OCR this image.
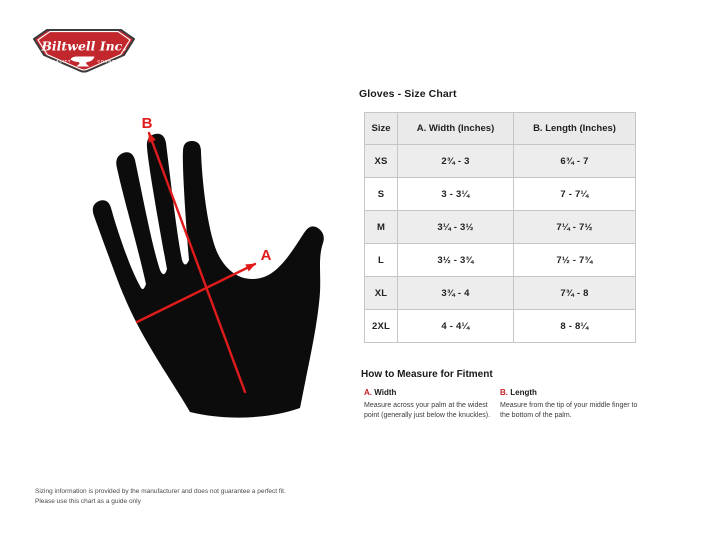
Biltwell Inc.
QUALITY	COUNTS
B
A
Gloves - Size Chart
Size	A. Width (Inches)	B. Length (Inches)
XS	2¾ - 3	6¾ - 7
S	3 - 3¼	7 - 7¼
M	3¼ - 3½	7¼ - 7½
L	3½ - 3¾	7½ - 7¾
XL	3¾ - 4	7¾ - 8
2XL	4 - 4¼	8 - 8¼
How to Measure for Fitment
A. Width
Measure across your palm at the widest point (generally just below the knuckles).
B. Length
Measure from the tip of your middle finger to the bottom of the palm.
Sizing information is provided by the manufacturer and does not guarantee a perfect fit.
Please use this chart as a guide only
